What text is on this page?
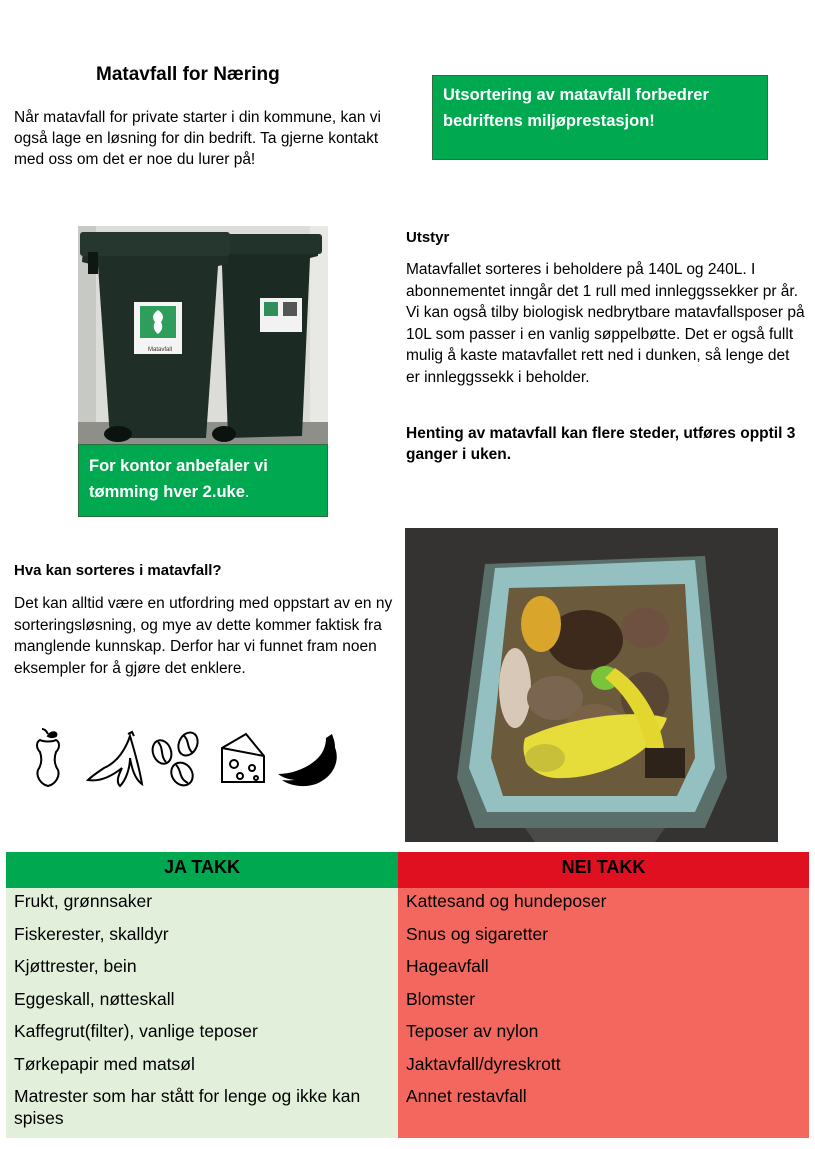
Matavfall for Næring
Når matavfall for private starter i din kommune, kan vi også lage en løsning for din bedrift. Ta gjerne kontakt med oss om det er noe du lurer på!
Utsortering av matavfall forbedrer bedriftens miljøprestasjon!
Matavfall
For kontor anbefaler vi tømming hver 2.uke.
Utstyr
Matavfallet sorteres i beholdere på 140L og 240L. I abonnementet inngår det 1 rull med innleggssekker pr år. Vi kan også tilby biologisk nedbrytbare matavfallsposer på 10L som passer i en vanlig søppelbøtte. Det er også fullt mulig å kaste matavfallet rett ned i dunken, så lenge det er innleggssekk i beholder.
Henting av matavfall kan flere steder, utføres opptil 3 ganger i uken.
Hva kan sorteres i matavfall?
Det kan alltid være en utfordring med oppstart av en ny sorteringsløsning, og mye av dette kommer faktisk fra manglende kunnskap. Derfor har vi funnet fram noen eksempler for å gjøre det enklere.
JA TAKK
Frukt, grønnsaker
Fiskerester, skalldyr
Kjøttrester, bein
Eggeskall, nøtteskall
Kaffegrut(filter), vanlige teposer
Tørkepapir med matsøl
Matrester som har stått for lenge og ikke kan spises
NEI TAKK
Kattesand og hundeposer
Snus og sigaretter
Hageavfall
Blomster
Teposer av nylon
Jaktavfall/dyreskrott
Annet restavfall
